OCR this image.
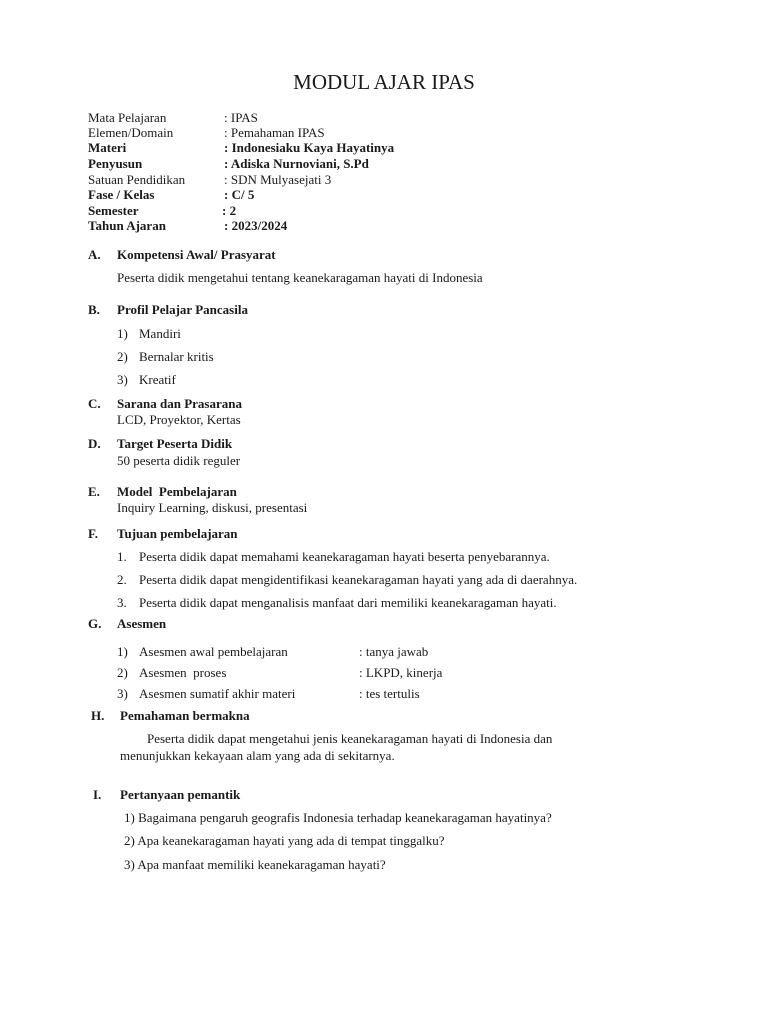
MODUL AJAR IPAS
Mata Pelajaran	: IPAS
Elemen/Domain	: Pemahaman IPAS
Materi	: Indonesiaku Kaya Hayatinya
Penyusun	: Adiska Nurnoviani, S.Pd
Satuan Pendidikan	: SDN Mulyasejati 3
Fase / Kelas	: C/ 5
Semester	: 2
Tahun Ajaran	: 2023/2024
A. Kompetensi Awal/ Prasyarat
Peserta didik mengetahui tentang keanekaragaman hayati di Indonesia
B. Profil Pelajar Pancasila
1) Mandiri
2) Bernalar kritis
3) Kreatif
C. Sarana dan Prasarana
LCD, Proyektor, Kertas
D. Target Peserta Didik
50 peserta didik reguler
E. Model  Pembelajaran
Inquiry Learning, diskusi, presentasi
F. Tujuan pembelajaran
1. Peserta didik dapat memahami keanekaragaman hayati beserta penyebarannya.
2. Peserta didik dapat mengidentifikasi keanekaragaman hayati yang ada di daerahnya.
3. Peserta didik dapat menganalisis manfaat dari memiliki keanekaragaman hayati.
G. Asesmen
1) Asesmen awal pembelajaran	: tanya jawab
2) Asesmen  proses	: LKPD, kinerja
3) Asesmen sumatif akhir materi	: tes tertulis
H. Pemahaman bermakna
Peserta didik dapat mengetahui jenis keanekaragaman hayati di Indonesia dan
menunjukkan kekayaan alam yang ada di sekitarnya.
I. Pertanyaan pemantik
1) Bagaimana pengaruh geografis Indonesia terhadap keanekaragaman hayatinya?
2) Apa keanekaragaman hayati yang ada di tempat tinggalku?
3) Apa manfaat memiliki keanekaragaman hayati?
